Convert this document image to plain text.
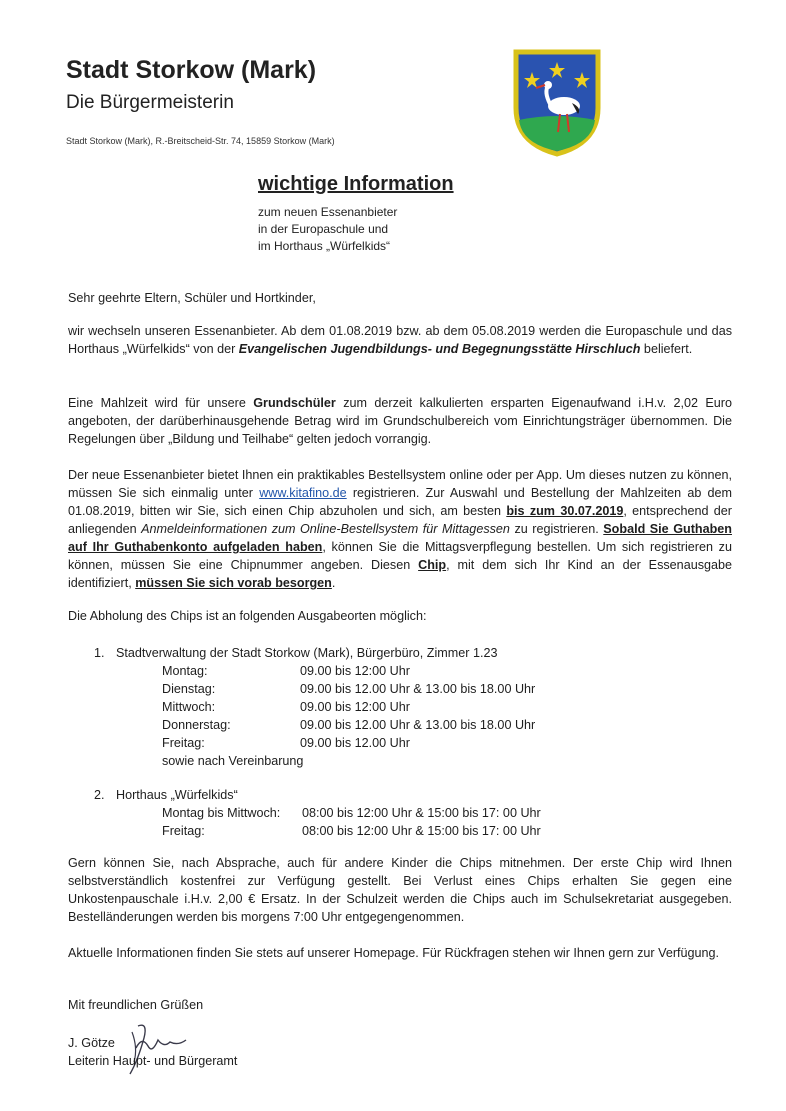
Stadt Storkow (Mark)
Die Bürgermeisterin
Stadt Storkow (Mark), R.-Breitscheid-Str. 74, 15859 Storkow (Mark)
wichtige Information
zum neuen Essenanbieter
in der Europaschule und
im Horthaus „Würfelkids“
Sehr geehrte Eltern, Schüler und Hortkinder,

wir wechseln unseren Essenanbieter. Ab dem 01.08.2019 bzw. ab dem 05.08.2019 werden die Europaschule und das Horthaus „Würfelkids“ von der Evangelischen Jugendbildungs- und Begegnungsstätte Hirschluch beliefert.

Eine Mahlzeit wird für unsere Grundschüler zum derzeit kalkulierten ersparten Eigenaufwand i.H.v. 2,02 Euro angeboten, der darüberhinausgehende Betrag wird im Grundschulbereich vom Einrichtungsträger übernommen. Die Regelungen über „Bildung und Teilhabe“ gelten jedoch vorrangig.

Der neue Essenanbieter bietet Ihnen ein praktikables Bestellsystem online oder per App. Um dieses nutzen zu können, müssen Sie sich einmalig unter www.kitafino.de registrieren. Zur Auswahl und Bestellung der Mahlzeiten ab dem 01.08.2019, bitten wir Sie, sich einen Chip abzuholen und sich, am besten bis zum 30.07.2019, entsprechend der anliegenden Anmeldeinformationen zum Online-Bestellsystem für Mittagessen zu registrieren. Sobald Sie Guthaben auf Ihr Guthabenkonto aufgeladen haben, können Sie die Mittagsverpflegung bestellen. Um sich registrieren zu können, müssen Sie eine Chipnummer angeben. Diesen Chip, mit dem sich Ihr Kind an der Essenausgabe identifiziert, müssen Sie sich vorab besorgen.

Die Abholung des Chips ist an folgenden Ausgabeorten möglich:
1. Stadtverwaltung der Stadt Storkow (Mark), Bürgerbüro, Zimmer 1.23
Montag:	09.00 bis 12:00 Uhr
Dienstag:	09.00 bis 12.00 Uhr & 13.00 bis 18.00 Uhr
Mittwoch:	09.00 bis 12:00 Uhr
Donnerstag:	09.00 bis 12.00 Uhr & 13.00 bis 18.00 Uhr
Freitag:	09.00 bis 12.00 Uhr
sowie nach Vereinbarung
2. Horthaus „Würfelkids“
Montag bis Mittwoch: 08:00 bis 12:00 Uhr & 15:00 bis 17: 00 Uhr
Freitag:	08:00 bis 12:00 Uhr & 15:00 bis 17: 00 Uhr

Gern können Sie, nach Absprache, auch für andere Kinder die Chips mitnehmen. Der erste Chip wird Ihnen selbstverständlich kostenfrei zur Verfügung gestellt. Bei Verlust eines Chips erhalten Sie gegen eine Unkostenpauschale i.H.v. 2,00 € Ersatz. In der Schulzeit werden die Chips auch im Schulsekretariat ausgegeben. Bestelländerungen werden bis morgens 7:00 Uhr entgegengenommen.

Aktuelle Informationen finden Sie stets auf unserer Homepage. Für Rückfragen stehen wir Ihnen gern zur Verfügung.

Mit freundlichen Grüßen
J. Götze
Leiterin Haupt- und Bürgeramt
